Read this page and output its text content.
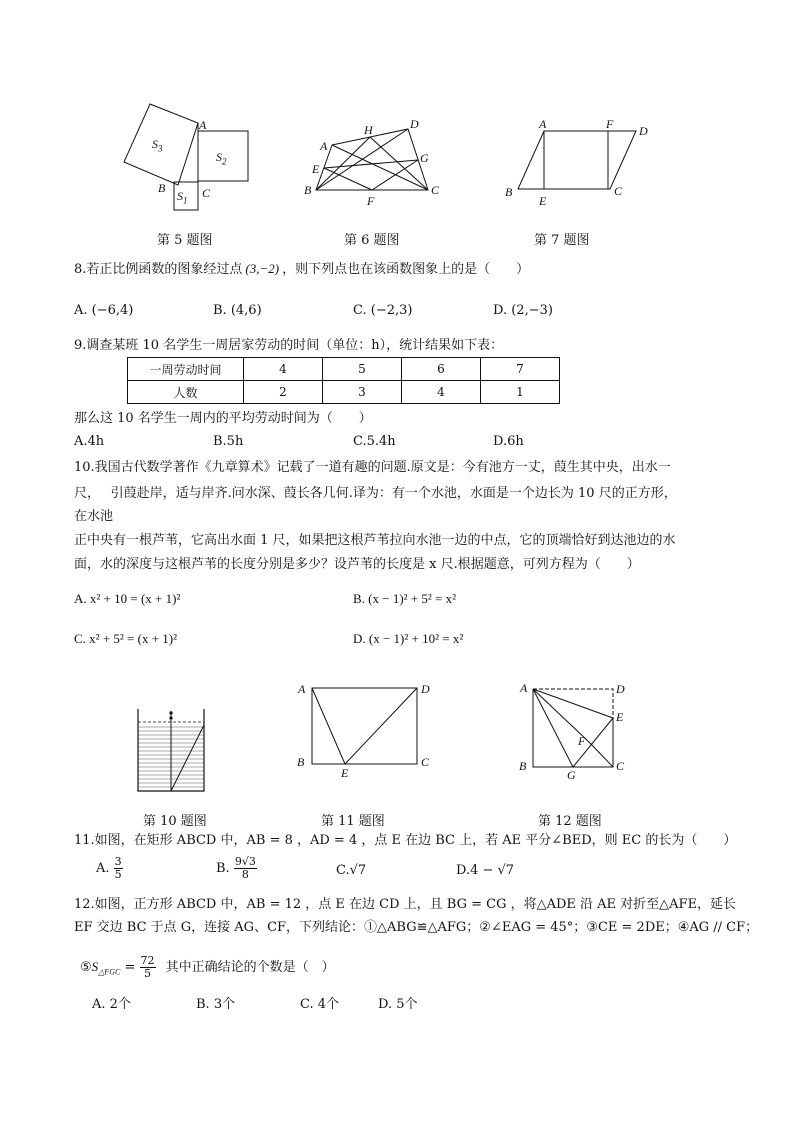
A
B	C
$S_3$
$S_2$
$S_1$
第 5 题图
A
B	C
D
E
F
G
H
第 6 题图
A
B	C
D
E
F
第 7 题图
8.若正比例函数的图象经过点 (3,−2) ，则下列点也在该函数图象上的是（　　）
A. (−6,4)	B. (4,6)	C. (−2,3)	D. (2,−3)
9.调查某班 10 名学生一周居家劳动的时间（单位：h），统计结果如下表：
一周劳动时间	4	5	6	7
人数	2	3	4	1
那么这 10 名学生一周内的平均劳动时间为（　　）
A.4h	B.5h	C.5.4h	D.6h
10.我国古代数学著作《九章算术》记载了一道有趣的问题.原文是：今有池方一丈，葭生其中央，出水一
尺，　 引葭赴岸，适与岸齐.问水深、葭长各几何.译为：有一个水池，水面是一个边长为 10 尺的正方形，
在水池
正中央有一根芦苇，它高出水面 1 尺，如果把这根芦苇拉向水池一边的中点，它的顶端恰好到达池边的水
面，水的深度与这根芦苇的长度分别是多少？设芦苇的长度是 x 尺.根据题意，可列方程为（　　）
A. x² + 10 = (x + 1)²	B. (x − 1)² + 5² = x²
C. x² + 5² = (x + 1)²	D. (x − 1)² + 10² = x²
第 10 题图
A
B	C
D
E
第 11 题图
A
B	C
D
E
F
G
第 12 题图
11.如图，在矩形 ABCD 中，AB = 8 ，AD = 4 ，点 E 在边 BC 上，若 AE 平分∠BED，则 EC 的长为（　　）
A. $\frac{3}{5}$	B. $\frac{9√3}{8}$	C.√7	D.4 − √7
12.如图，正方形 ABCD 中，AB = 12 ，点 E 在边 CD 上，且 BG = CG ，将△ADE 沿 AE 对折至△AFE，延长
EF 交边 BC 于点 G，连接 AG、CF，下列结论：①△ABG≌△AFG；②∠EAG = 45°；③CE = 2DE；④AG // CF；
$⑤S_{\triangle FGC} = \frac{72}{5}$ 其中正确结论的个数是（　）
A. 2个	B. 3个	C. 4个	D. 5个
